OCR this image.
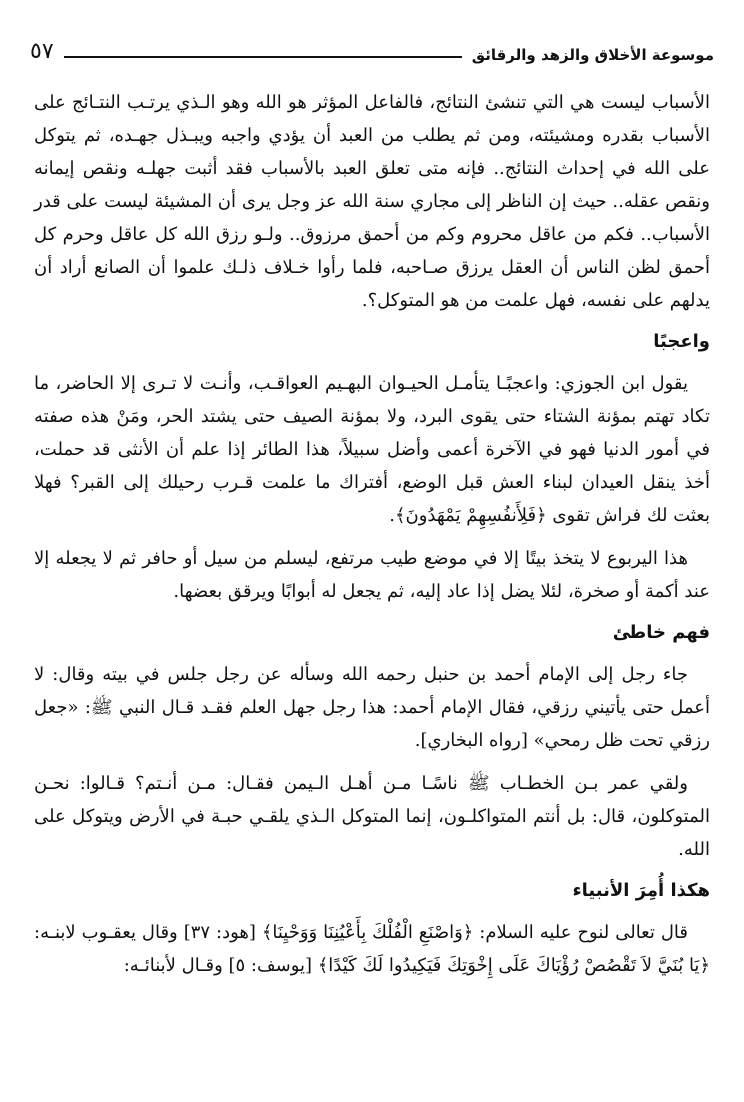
موسوعة الأخلاق والزهد والرقائق
٥٧

الأسباب ليست هي التي تنشئ النتائج، فالفاعل المؤثر هو الله وهو الـذي يرتـب النتـائج على الأسباب بقدره ومشيئته، ومن ثم يطلب من العبد أن يؤدي واجبه ويبـذل جهـده، ثم يتوكل على الله في إحداث النتائج.. فإنه متى تعلق العبد بالأسباب فقد أثبت جهلـه ونقص إيمانه ونقص عقله.. حيث إن الناظر إلى مجاري سنة الله عز وجل يرى أن المشيئة ليست على قدر الأسباب.. فكم من عاقل محروم وكم من أحمق مرزوق.. ولـو رزق الله كل عاقل وحرم كل أحمق لظن الناس أن العقل يرزق صـاحبه، فلما رأوا خـلاف ذلـك علموا أن الصانع أراد أن يدلهم على نفسه، فهل علمت من هو المتوكل؟.

واعجبًا

يقول ابن الجوزي: واعجبًـا يتأمـل الحيـوان البهـيم العواقـب، وأنـت لا تـرى إلا الحاضر، ما تكاد تهتم بمؤنة الشتاء حتى يقوى البرد، ولا بمؤنة الصيف حتى يشتد الحر، ومَنْ هذه صفته في أمور الدنيا فهو في الآخرة أعمى وأضل سبيلاً، هذا الطائر إذا علم أن الأنثى قد حملت، أخذ ينقل العيدان لبناء العش قبل الوضع، أفتراك ما علمت قـرب رحيلك إلى القبر؟ فهلا بعثت لك فراش تقوى ﴿فَلِأَنفُسِهِمْ يَمْهَدُونَ﴾.

هذا اليربوع لا يتخذ بيتًا إلا في موضع طيب مرتفع، ليسلم من سيل أو حافر ثم لا يجعله إلا عند أكمة أو صخرة، لئلا يضل إذا عاد إليه، ثم يجعل له أبوابًا ويرقق بعضها.

فهم خاطئ

جاء رجل إلى الإمام أحمد بن حنبل رحمه الله وسأله عن رجل جلس في بيته وقال: لا أعمل حتى يأتيني رزقي، فقال الإمام أحمد: هذا رجل جهل العلم فقـد قـال النبي ﷺ: «جعل رزقي تحت ظل رمحي» [رواه البخاري].

ولقي عمر بـن الخطـاب ﷺ ناسًـا مـن أهـل الـيمن فقـال: مـن أنـتم؟ قـالوا: نحـن المتوكلون، قال: بل أنتم المتواكلـون، إنما المتوكل الـذي يلقـي حبـة في الأرض ويتوكل على الله.

هكذا أُمِرَ الأنبياء

قال تعالى لنوح عليه السلام: ﴿وَاصْنَعِ الْفُلْكَ بِأَعْيُنِنَا وَوَحْيِنَا﴾ [هود: ٣٧] وقال يعقـوب لابنـه: ﴿يَا بُنَيَّ لاَ تَقْصُصْ رُؤْيَاكَ عَلَى إِخْوَتِكَ فَيَكِيدُوا لَكَ كَيْدًا﴾ [يوسف: ٥] وقـال لأبنائـه:
